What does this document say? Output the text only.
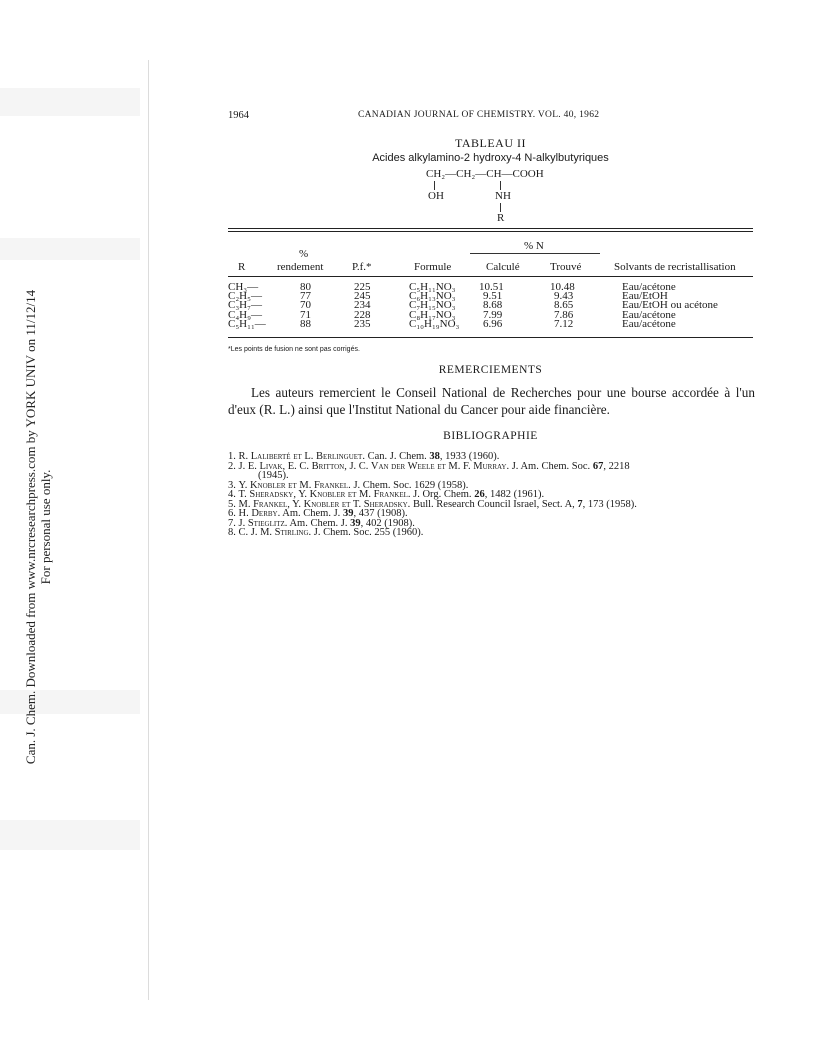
Can. J. Chem. Downloaded from www.nrcresearchpress.com by YORK UNIV on 11/12/14 For personal use only.
1964	CANADIAN JOURNAL OF CHEMISTRY. VOL. 40, 1962
TABLEAU II
Acides alkylamino-2 hydroxy-4 N-alkylbutyriques
CH₂—CH₂—CH—COOH
OH	NH
R
% N
%
R	rendement	P.f.*	Formule	Calculé	Trouvé	Solvants de recristallisation
CH₃—	80	225	C₅H₁₁NO₃ 10.51	10.48	Eau/acétone
C₂H₅—	77	245	C₆H₁₃NO₃ 9.51	9.43	Eau/EtOH
C₃H₇—	70	234	C₇H₁₅NO₃ 8.68	8.65	Eau/EtOH ou acétone
C₄H₉—	71	228	C₈H₁₇NO₃ 7.99	7.86	Eau/acétone
C₅H₁₁—	88	235	C₁₀H₁₉NO₃ 6.96	7.12	Eau/acétone
*Les points de fusion ne sont pas corrigés.
REMERCIEMENTS
Les auteurs remercient le Conseil National de Recherches pour une bourse accordée à l'un d'eux (R. L.) ainsi que l'Institut National du Cancer pour aide financière.
BIBLIOGRAPHIE
1. R. Laliberté et L. Berlinguet. Can. J. Chem. 38, 1933 (1960).
2. J. E. Livak, E. C. Britton, J. C. Van der Weele et M. F. Murray. J. Am. Chem. Soc. 67, 2218
(1945).
3. Y. Knobler et M. Frankel. J. Chem. Soc. 1629 (1958).
4. T. Sheradsky, Y. Knobler et M. Frankel. J. Org. Chem. 26, 1482 (1961).
5. M. Frankel, Y. Knobler et T. Sheradsky. Bull. Research Council Israel, Sect. A, 7, 173 (1958).
6. H. Derby. Am. Chem. J. 39, 437 (1908).
7. J. Stieglitz. Am. Chem. J. 39, 402 (1908).
8. C. J. M. Stirling. J. Chem. Soc. 255 (1960).
